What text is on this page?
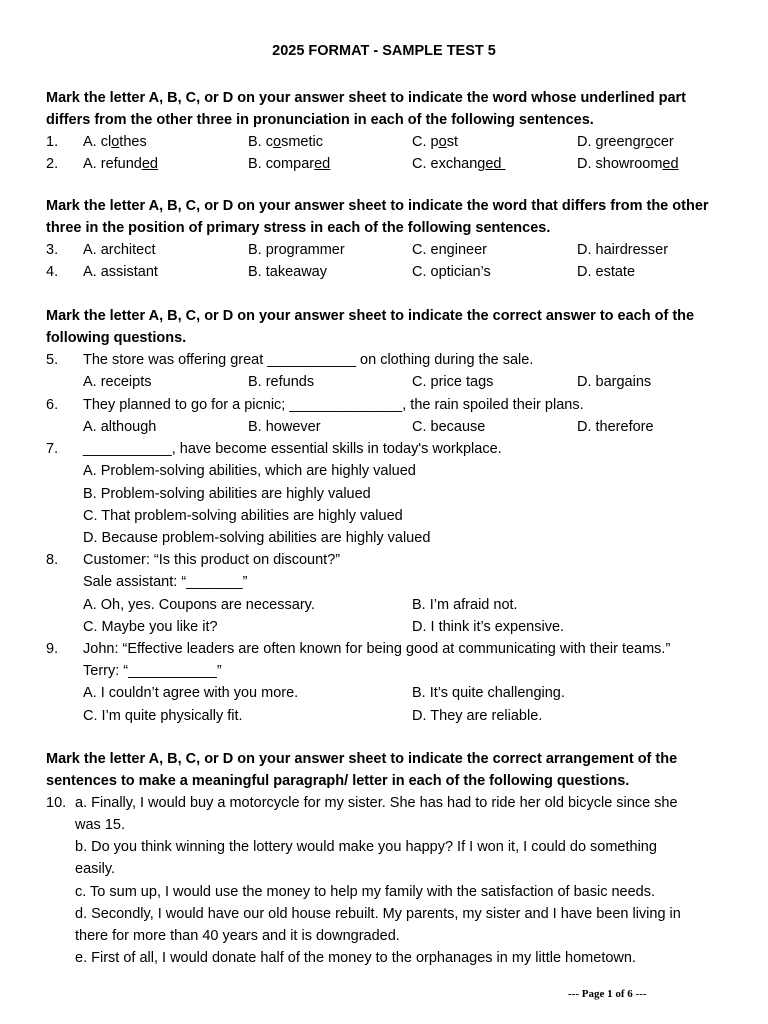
2025 FORMAT - SAMPLE TEST 5
Mark the letter A, B, C, or D on your answer sheet to indicate the word whose underlined part differs from the other three in pronunciation in each of the following sentences.
1. A. clothes	B. cosmetic	C. post	D. greengrocer
2. A. refunded	B. compared	C. exchanged	D. showroomed
Mark the letter A, B, C, or D on your answer sheet to indicate the word that differs from the other three in the position of primary stress in each of the following sentences.
3. A. architect	B. programmer	C. engineer	D. hairdresser
4. A. assistant	B. takeaway	C. optician’s	D. estate
Mark the letter A, B, C, or D on your answer sheet to indicate the correct answer to each of the following questions.
5. The store was offering great ___________ on clothing during the sale.
A. receipts	B. refunds	C. price tags	D. bargains
6. They planned to go for a picnic; ______________, the rain spoiled their plans.
A. although	B. however	C. because	D. therefore
7. ___________, have become essential skills in today's workplace.
A. Problem-solving abilities, which are highly valued
B. Problem-solving abilities are highly valued
C. That problem-solving abilities are highly valued
D. Because problem-solving abilities are highly valued
8. Customer: “Is this product on discount?”
Sale assistant: “_______”
A. Oh, yes. Coupons are necessary.	B. I’m afraid not.
C. Maybe you like it?	D. I think it’s expensive.
9. John: “Effective leaders are often known for being good at communicating with their teams.”
Terry: “___________”
A. I couldn’t agree with you more.	B. It’s quite challenging.
C. I’m quite physically fit.	D. They are reliable.
Mark the letter A, B, C, or D on your answer sheet to indicate the correct arrangement of the sentences to make a meaningful paragraph/ letter in each of the following questions.
10. a. Finally, I would buy a motorcycle for my sister. She has had to ride her old bicycle since she
was 15.
b. Do you think winning the lottery would make you happy? If I won it, I could do something
easily.
c. To sum up, I would use the money to help my family with the satisfaction of basic needs.
d. Secondly, I would have our old house rebuilt. My parents, my sister and I have been living in
there for more than 40 years and it is downgraded.
e. First of all, I would donate half of the money to the orphanages in my little hometown.
--- Page 1 of 6 ---
